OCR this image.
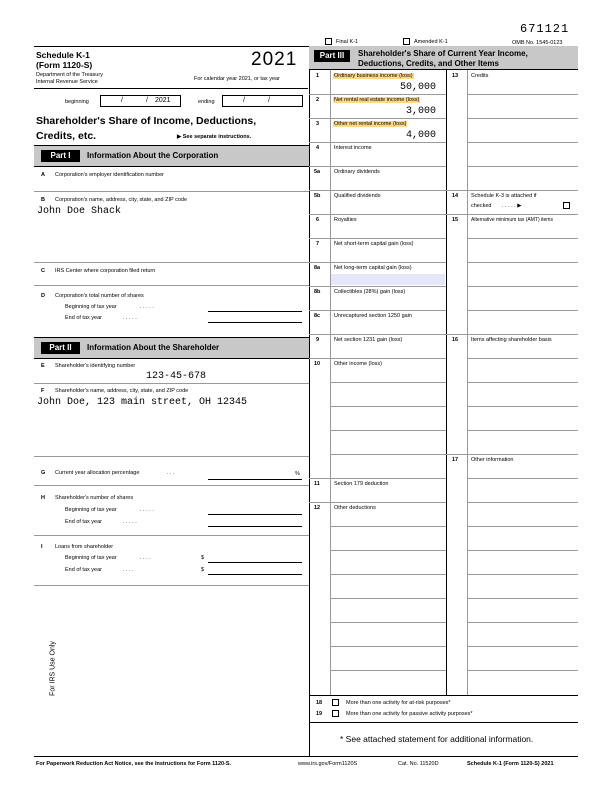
671121
Final K-1	Amended K-1	OMB No. 1545-0123
Schedule K-1
(Form 1120-S)
Department of the Treasury
Internal Revenue Service
2021
For calendar year 2021, or tax year
beginning	/	/ 2021	ending	/	/
Shareholder's Share of Income, Deductions,
Credits, etc.	▶ See separate instructions.
Part I	Information About the Corporation
A Corporation's employer identification number
B Corporation's name, address, city, state, and ZIP code
John Doe Shack
C IRS Center where corporation filed return
D Corporation's total number of shares
Beginning of tax year	. . . . .
End of tax year	. . . . .
Part II	Information About the Shareholder
E Shareholder's identifying number
123-45-678
F Shareholder's name, address, city, state, and ZIP code
John Doe, 123 main street, OH 12345
G Current year allocation percentage	. . .	%
H Shareholder's number of shares
Beginning of tax year	. . . . .
End of tax year	. . . . .
I Loans from shareholder
Beginning of tax year	. . . .	$
End of tax year	. . . .	$
For IRS Use Only
Part III	Shareholder's Share of Current Year Income,
Deductions, Credits, and Other Items
1	Ordinary business income (loss)
50,000
2	Net rental real estate income (loss)
3,000
3	Other net rental income (loss)
4,000
4	Interest income
5a	Ordinary dividends
5b Qualified dividends
6	Royalties
7	Net short-term capital gain (loss)
8a	Net long-term capital gain (loss)
8b Collectibles (28%) gain (loss)
8c	Unrecaptured section 1250 gain
9	Net section 1231 gain (loss)
10	Other income (loss)
11	Section 179 deduction
12	Other deductions
13 Credits
14 Schedule K-3 is attached if
checked . . . . . ▶
15	Alternative minimum tax (AMT) items
16 Items affecting shareholder basis
17 Other information
18	More than one activity for at-risk purposes*
19	More than one activity for passive activity purposes*
* See attached statement for additional information.
For Paperwork Reduction Act Notice, see the Instructions for Form 1120-S.	www.irs.gov/Form1120S	Cat. No. 11520D	Schedule K-1 (Form 1120-S) 2021
